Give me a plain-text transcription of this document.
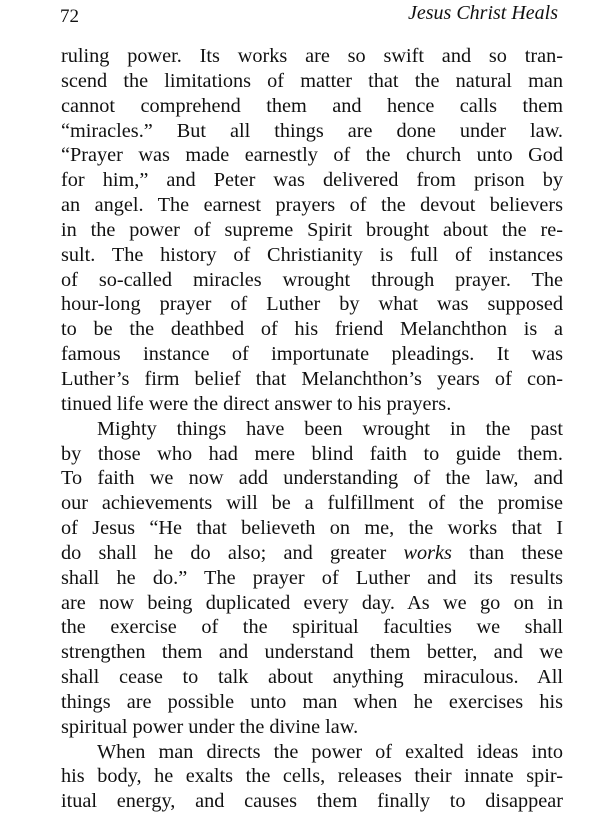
72	Jesus Christ Heals
ruling power. Its works are so swift and so tran-
scend the limitations of matter that the natural man
cannot comprehend them and hence calls them
“miracles.” But all things are done under law.
“Prayer was made earnestly of the church unto God
for him,” and Peter was delivered from prison by
an angel. The earnest prayers of the devout believers
in the power of supreme Spirit brought about the re-
sult. The history of Christianity is full of instances
of so-called miracles wrought through prayer. The
hour-long prayer of Luther by what was supposed
to be the deathbed of his friend Melanchthon is a
famous instance of importunate pleadings. It was
Luther’s firm belief that Melanchthon’s years of con-
tinued life were the direct answer to his prayers.
Mighty things have been wrought in the past
by those who had mere blind faith to guide them.
To faith we now add understanding of the law, and
our achievements will be a fulfillment of the promise
of Jesus “He that believeth on me, the works that I
do shall he do also; and greater works than these
shall he do.” The prayer of Luther and its results
are now being duplicated every day. As we go on in
the exercise of the spiritual faculties we shall
strengthen them and understand them better, and we
shall cease to talk about anything miraculous. All
things are possible unto man when he exercises his
spiritual power under the divine law.
When man directs the power of exalted ideas into
his body, he exalts the cells, releases their innate spir-
itual energy, and causes them finally to disappear
